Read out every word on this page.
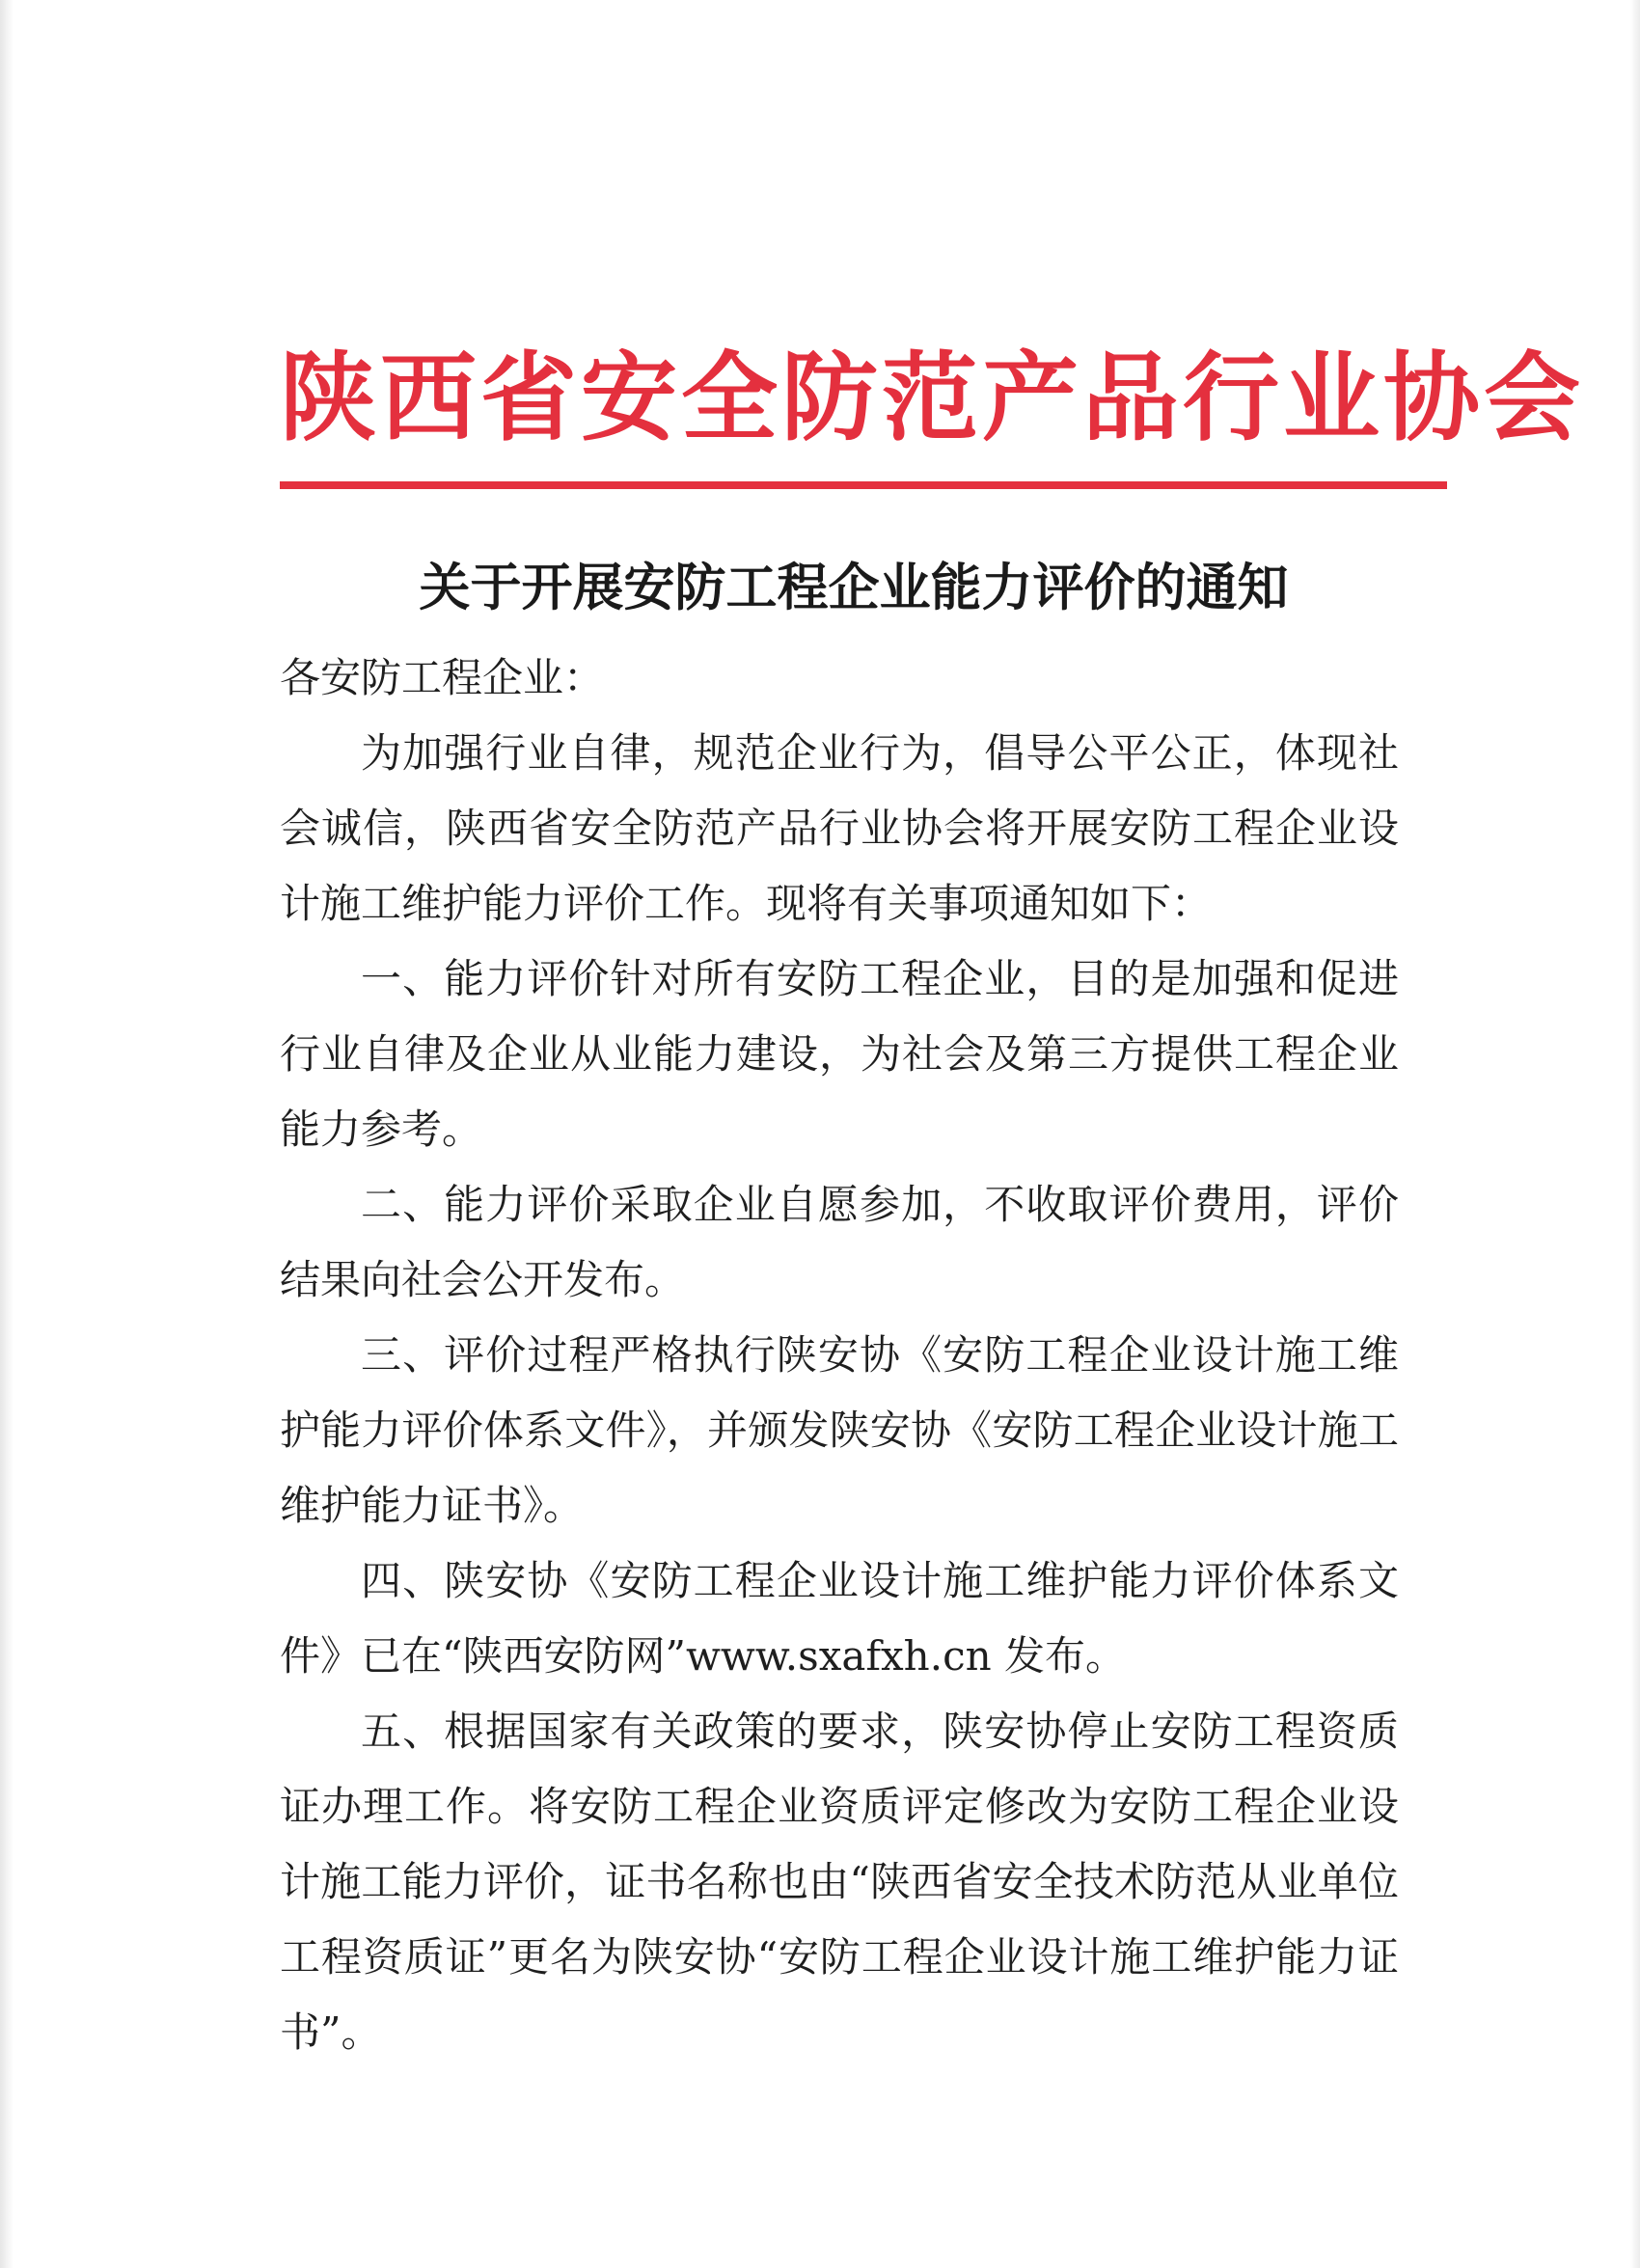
陕西省安全防范产品行业协会
关于开展安防工程企业能力评价的通知

各安防工程企业：

为加强行业自律，规范企业行为，倡导公平公正，体现社会诚信，陕西省安全防范产品行业协会将开展安防工程企业设计施工维护能力评价工作。现将有关事项通知如下：

一、能力评价针对所有安防工程企业，目的是加强和促进行业自律及企业从业能力建设，为社会及第三方提供工程企业能力参考。

二、能力评价采取企业自愿参加，不收取评价费用，评价结果向社会公开发布。

三、评价过程严格执行陕安协《安防工程企业设计施工维护能力评价体系文件》，并颁发陕安协《安防工程企业设计施工维护能力证书》。

四、陕安协《安防工程企业设计施工维护能力评价体系文件》已在“陕西安防网”www.sxafxh.cn 发布。

五、根据国家有关政策的要求，陕安协停止安防工程资质证办理工作。将安防工程企业资质评定修改为安防工程企业设计施工能力评价，证书名称也由“陕西省安全技术防范从业单位工程资质证”更名为陕安协“安防工程企业设计施工维护能力证书”。
